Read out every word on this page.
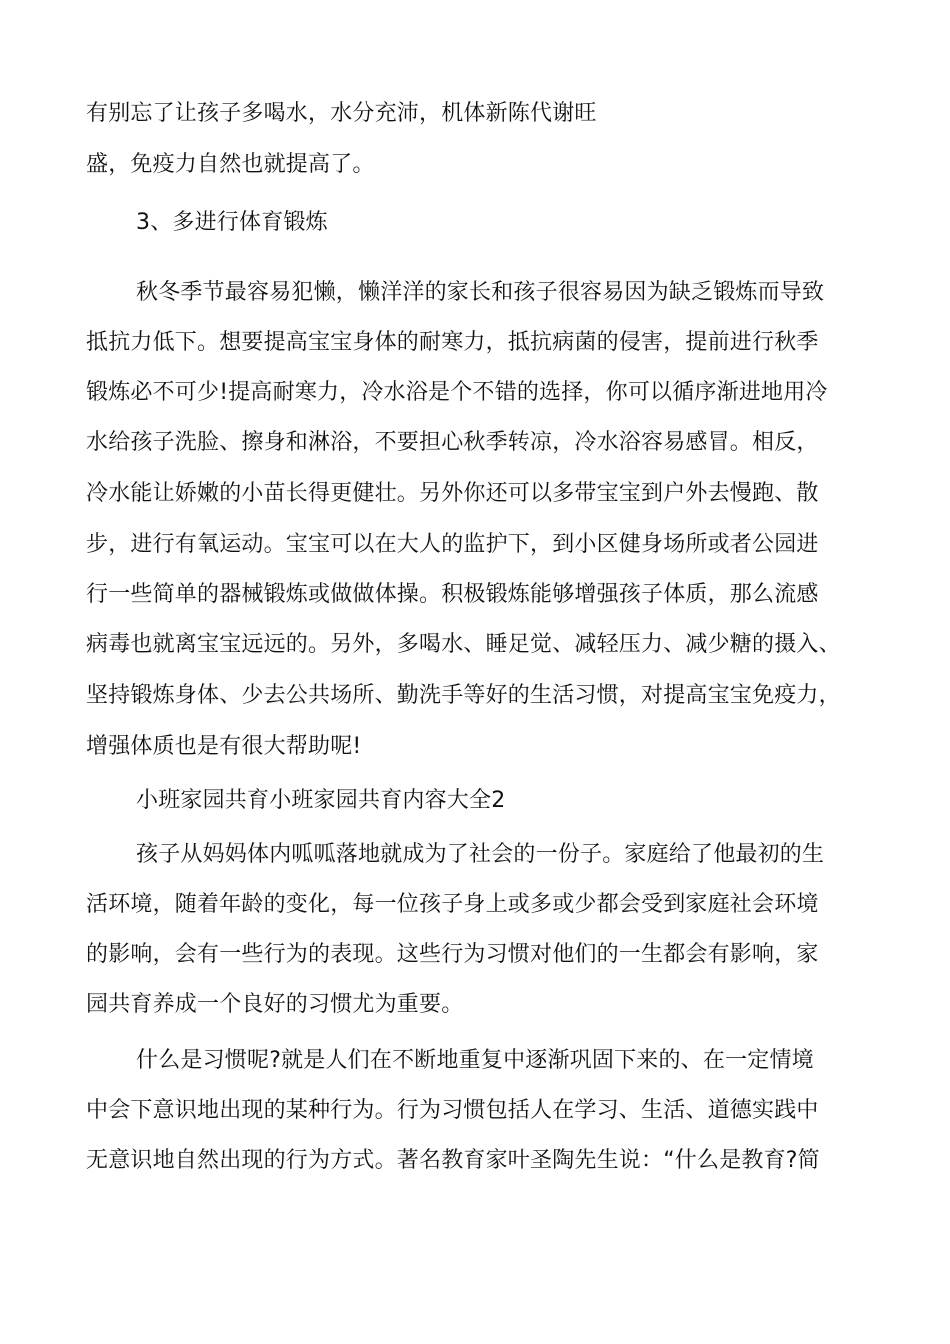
有别忘了让孩子多喝水，水分充沛，机体新陈代谢旺
盛，免疫力自然也就提高了。
3、多进行体育锻炼
秋冬季节最容易犯懒，懒洋洋的家长和孩子很容易因为缺乏锻炼而导致
抵抗力低下。想要提高宝宝身体的耐寒力，抵抗病菌的侵害，提前进行秋季
锻炼必不可少!提高耐寒力，冷水浴是个不错的选择，你可以循序渐进地用冷
水给孩子洗脸、擦身和淋浴，不要担心秋季转凉，冷水浴容易感冒。相反，
冷水能让娇嫩的小苗长得更健壮。另外你还可以多带宝宝到户外去慢跑、散
步，进行有氧运动。宝宝可以在大人的监护下，到小区健身场所或者公园进
行一些简单的器械锻炼或做做体操。积极锻炼能够增强孩子体质，那么流感
病毒也就离宝宝远远的。另外，多喝水、睡足觉、减轻压力、减少糖的摄入、
坚持锻炼身体、少去公共场所、勤洗手等好的生活习惯，对提高宝宝免疫力，
增强体质也是有很大帮助呢!
小班家园共育小班家园共育内容大全2
孩子从妈妈体内呱呱落地就成为了社会的一份子。家庭给了他最初的生
活环境，随着年龄的变化，每一位孩子身上或多或少都会受到家庭社会环境
的影响，会有一些行为的表现。这些行为习惯对他们的一生都会有影响，家
园共育养成一个良好的习惯尤为重要。
什么是习惯呢?就是人们在不断地重复中逐渐巩固下来的、在一定情境
中会下意识地出现的某种行为。行为习惯包括人在学习、生活、道德实践中
无意识地自然出现的行为方式。著名教育家叶圣陶先生说：“什么是教育?简
